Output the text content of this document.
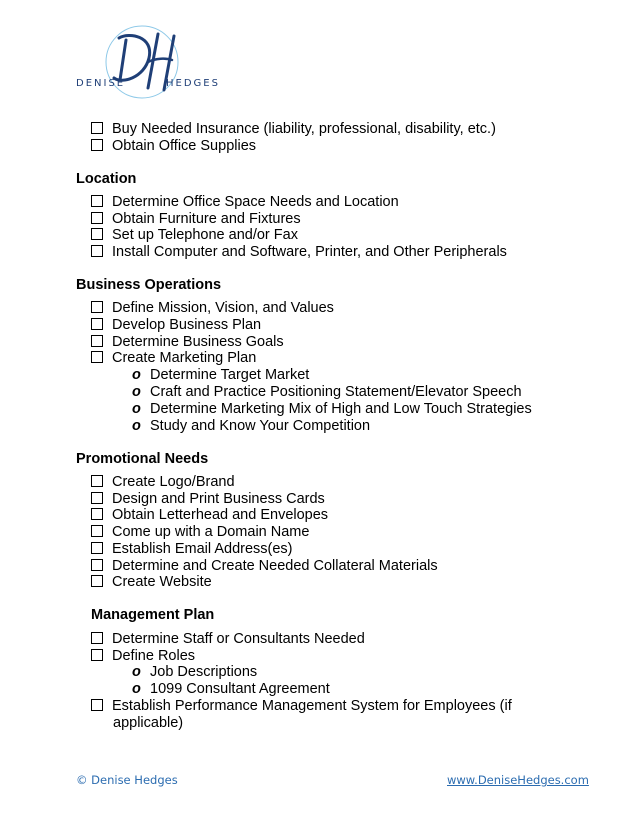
DENISE	HEDGES
Buy Needed Insurance (liability, professional, disability, etc.)
Obtain Office Supplies
Location
Determine Office Space Needs and Location
Obtain Furniture and Fixtures
Set up Telephone and/or Fax
Install Computer and Software, Printer, and Other Peripherals
Business Operations
Define Mission, Vision, and Values
Develop Business Plan
Determine Business Goals
Create Marketing Plan
o Determine Target Market
o Craft and Practice Positioning Statement/Elevator Speech
o Determine Marketing Mix of High and Low Touch Strategies
o Study and Know Your Competition
Promotional Needs
Create Logo/Brand
Design and Print Business Cards
Obtain Letterhead and Envelopes
Come up with a Domain Name
Establish Email Address(es)
Determine and Create Needed Collateral Materials
Create Website
Management Plan
Determine Staff or Consultants Needed
Define Roles
o Job Descriptions
o 1099 Consultant Agreement
Establish Performance Management System for Employees (if
applicable)
© Denise Hedges	www.DeniseHedges.com
